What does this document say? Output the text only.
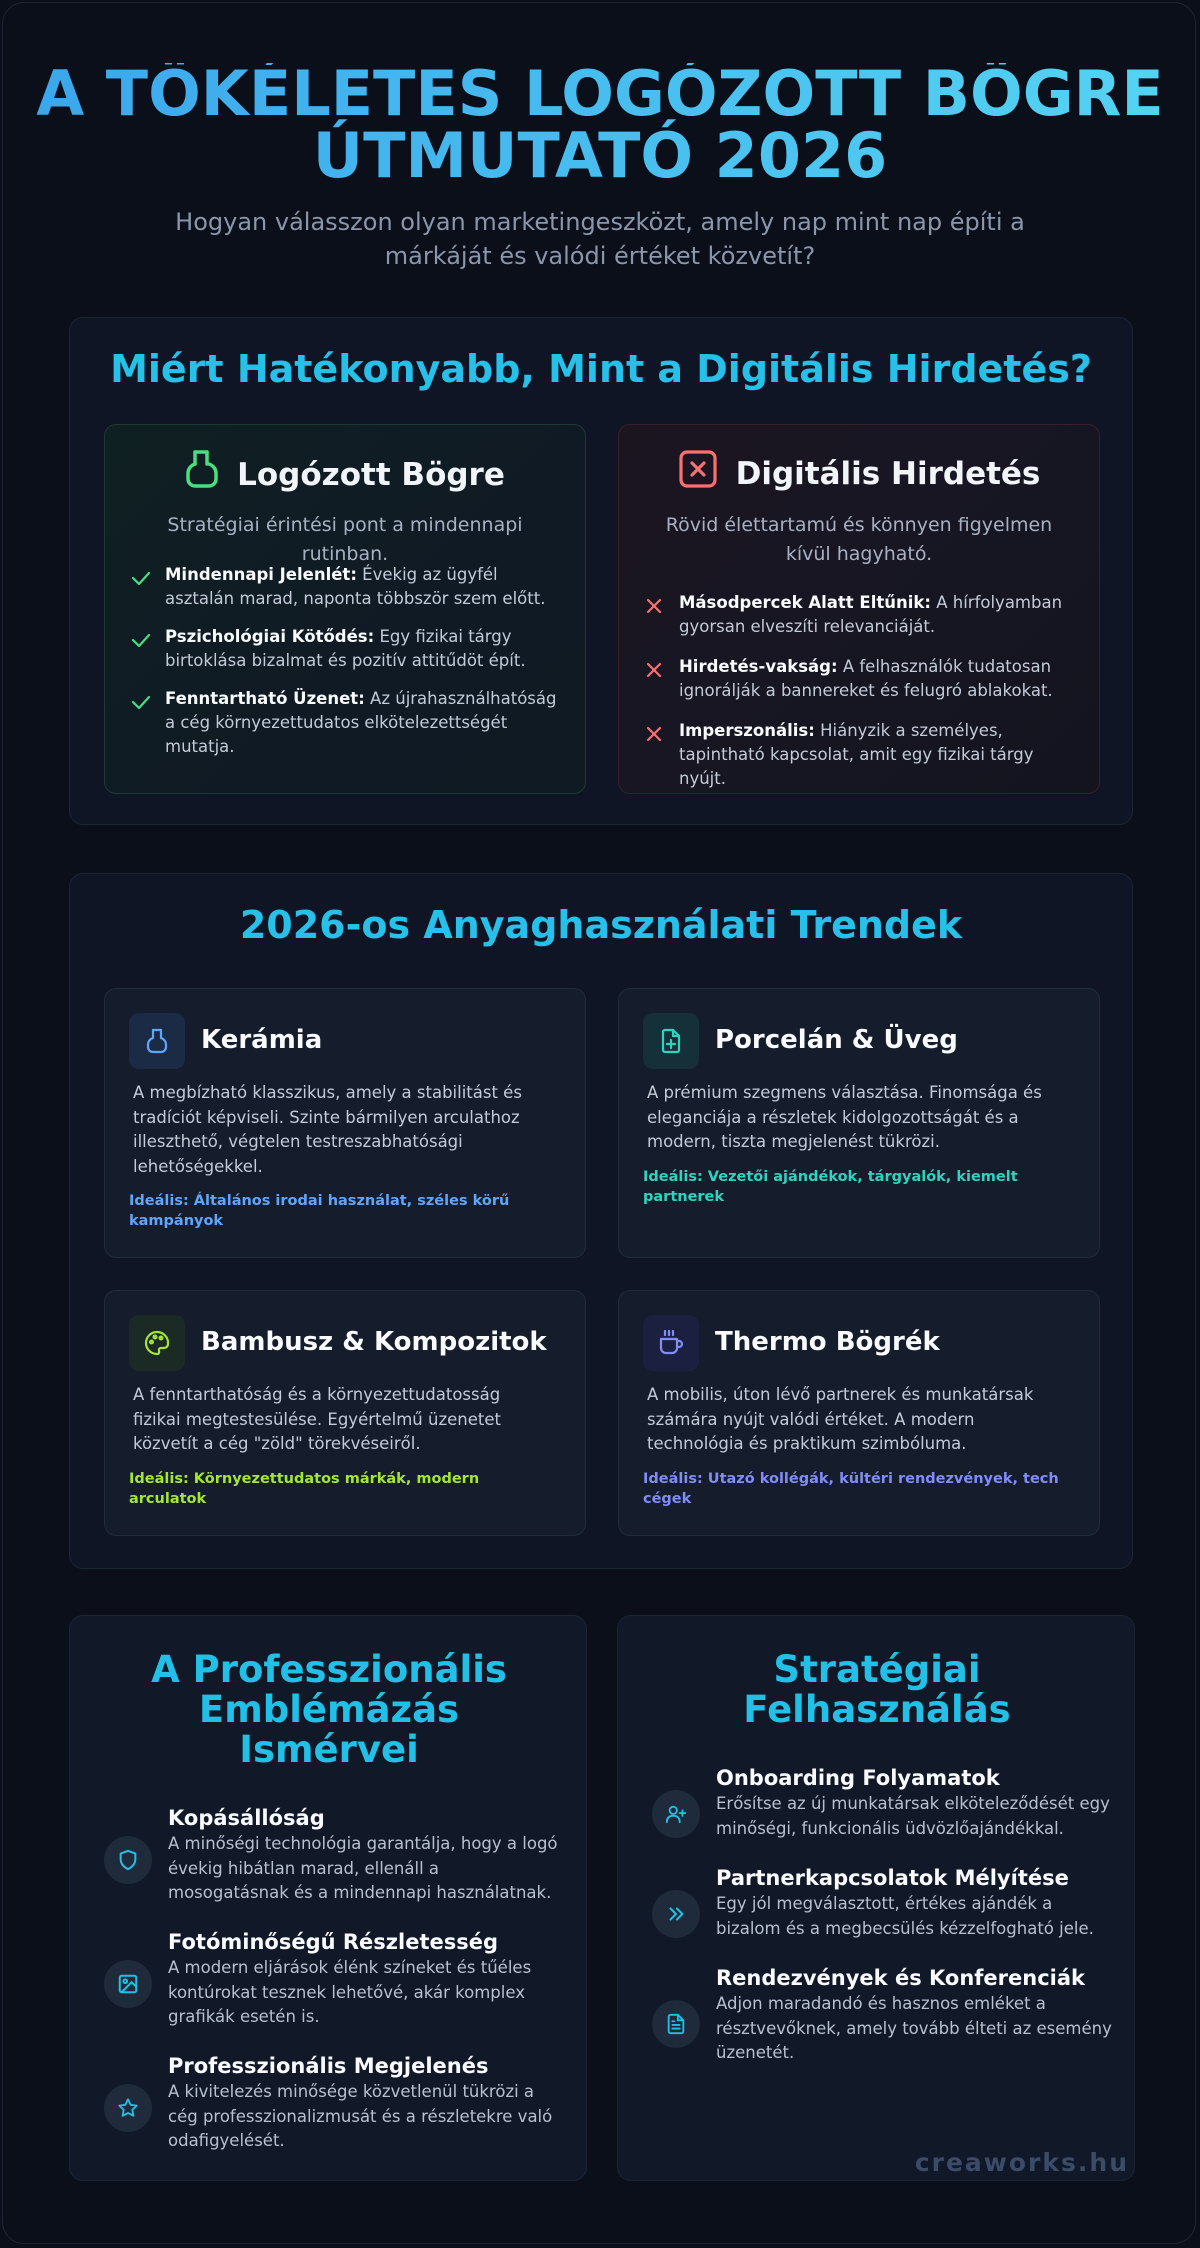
A TÖKÉLETES LOGÓZOTT BÖGRE ÚTMUTATÓ 2026

Hogyan válasszon olyan marketingeszközt, amely nap mint nap építi a márkáját és valódi értéket közvetít?

Miért Hatékonyabb, Mint a Digitális Hirdetés?
Logózott Bögre
Stratégiai érintési pont a mindennapi rutinban.
Mindennapi Jelenlét: Évekig az ügyfél asztalán marad, naponta többször szem előtt.
Pszichológiai Kötődés: Egy fizikai tárgy birtoklása bizalmat és pozitív attitűdöt épít.
Fenntartható Üzenet: Az újrahasználhatóság a cég környezettudatos elkötelezettségét mutatja.
Digitális Hirdetés
Rövid élettartamú és könnyen figyelmen kívül hagyható.
Másodpercek Alatt Eltűnik: A hírfolyamban gyorsan elveszíti relevanciáját.
Hirdetés-vakság: A felhasználók tudatosan ignorálják a bannereket és felugró ablakokat.
Imperszonális: Hiányzik a személyes, tapintható kapcsolat, amit egy fizikai tárgy nyújt.
2026-os Anyaghasználati Trendek
Kerámia
A megbízható klasszikus, amely a stabilitást és tradíciót képviseli. Szinte bármilyen arculathoz illeszthető, végtelen testreszabhatósági lehetőségekkel.
Ideális: Általános irodai használat, széles körű kampányok
Porcelán & Üveg
A prémium szegmens választása. Finomsága és eleganciája a részletek kidolgozottságát és a modern, tiszta megjelenést tükrözi.
Ideális: Vezetői ajándékok, tárgyalók, kiemelt partnerek
Bambusz & Kompozitok
A fenntarthatóság és a környezettudatosság fizikai megtestesülése. Egyértelmű üzenetet közvetít a cég "zöld" törekvéseiről.
Ideális: Környezettudatos márkák, modern arculatok
Thermo Bögrék
A mobilis, úton lévő partnerek és munkatársak számára nyújt valódi értéket. A modern technológia és praktikum szimbóluma.
Ideális: Utazó kollégák, kültéri rendezvények, tech cégek
A Professzionális Emblémázás Ismérvei
Kopásállóság
A minőségi technológia garantálja, hogy a logó évekig hibátlan marad, ellenáll a mosogatásnak és a mindennapi használatnak.
Fotóminőségű Részletesség
A modern eljárások élénk színeket és tűéles kontúrokat tesznek lehetővé, akár komplex grafikák esetén is.
Professzionális Megjelenés
A kivitelezés minősége közvetlenül tükrözi a cég professzionalizmusát és a részletekre való odafigyelését.
Stratégiai Felhasználás
Onboarding Folyamatok
Erősítse az új munkatársak elköteleződését egy minőségi, funkcionális üdvözlőajándékkal.
Partnerkapcsolatok Mélyítése
Egy jól megválasztott, értékes ajándék a bizalom és a megbecsülés kézzelfogható jele.
Rendezvények és Konferenciák
Adjon maradandó és hasznos emléket a résztvevőknek, amely tovább élteti az esemény üzenetét.
creaworks.hu
